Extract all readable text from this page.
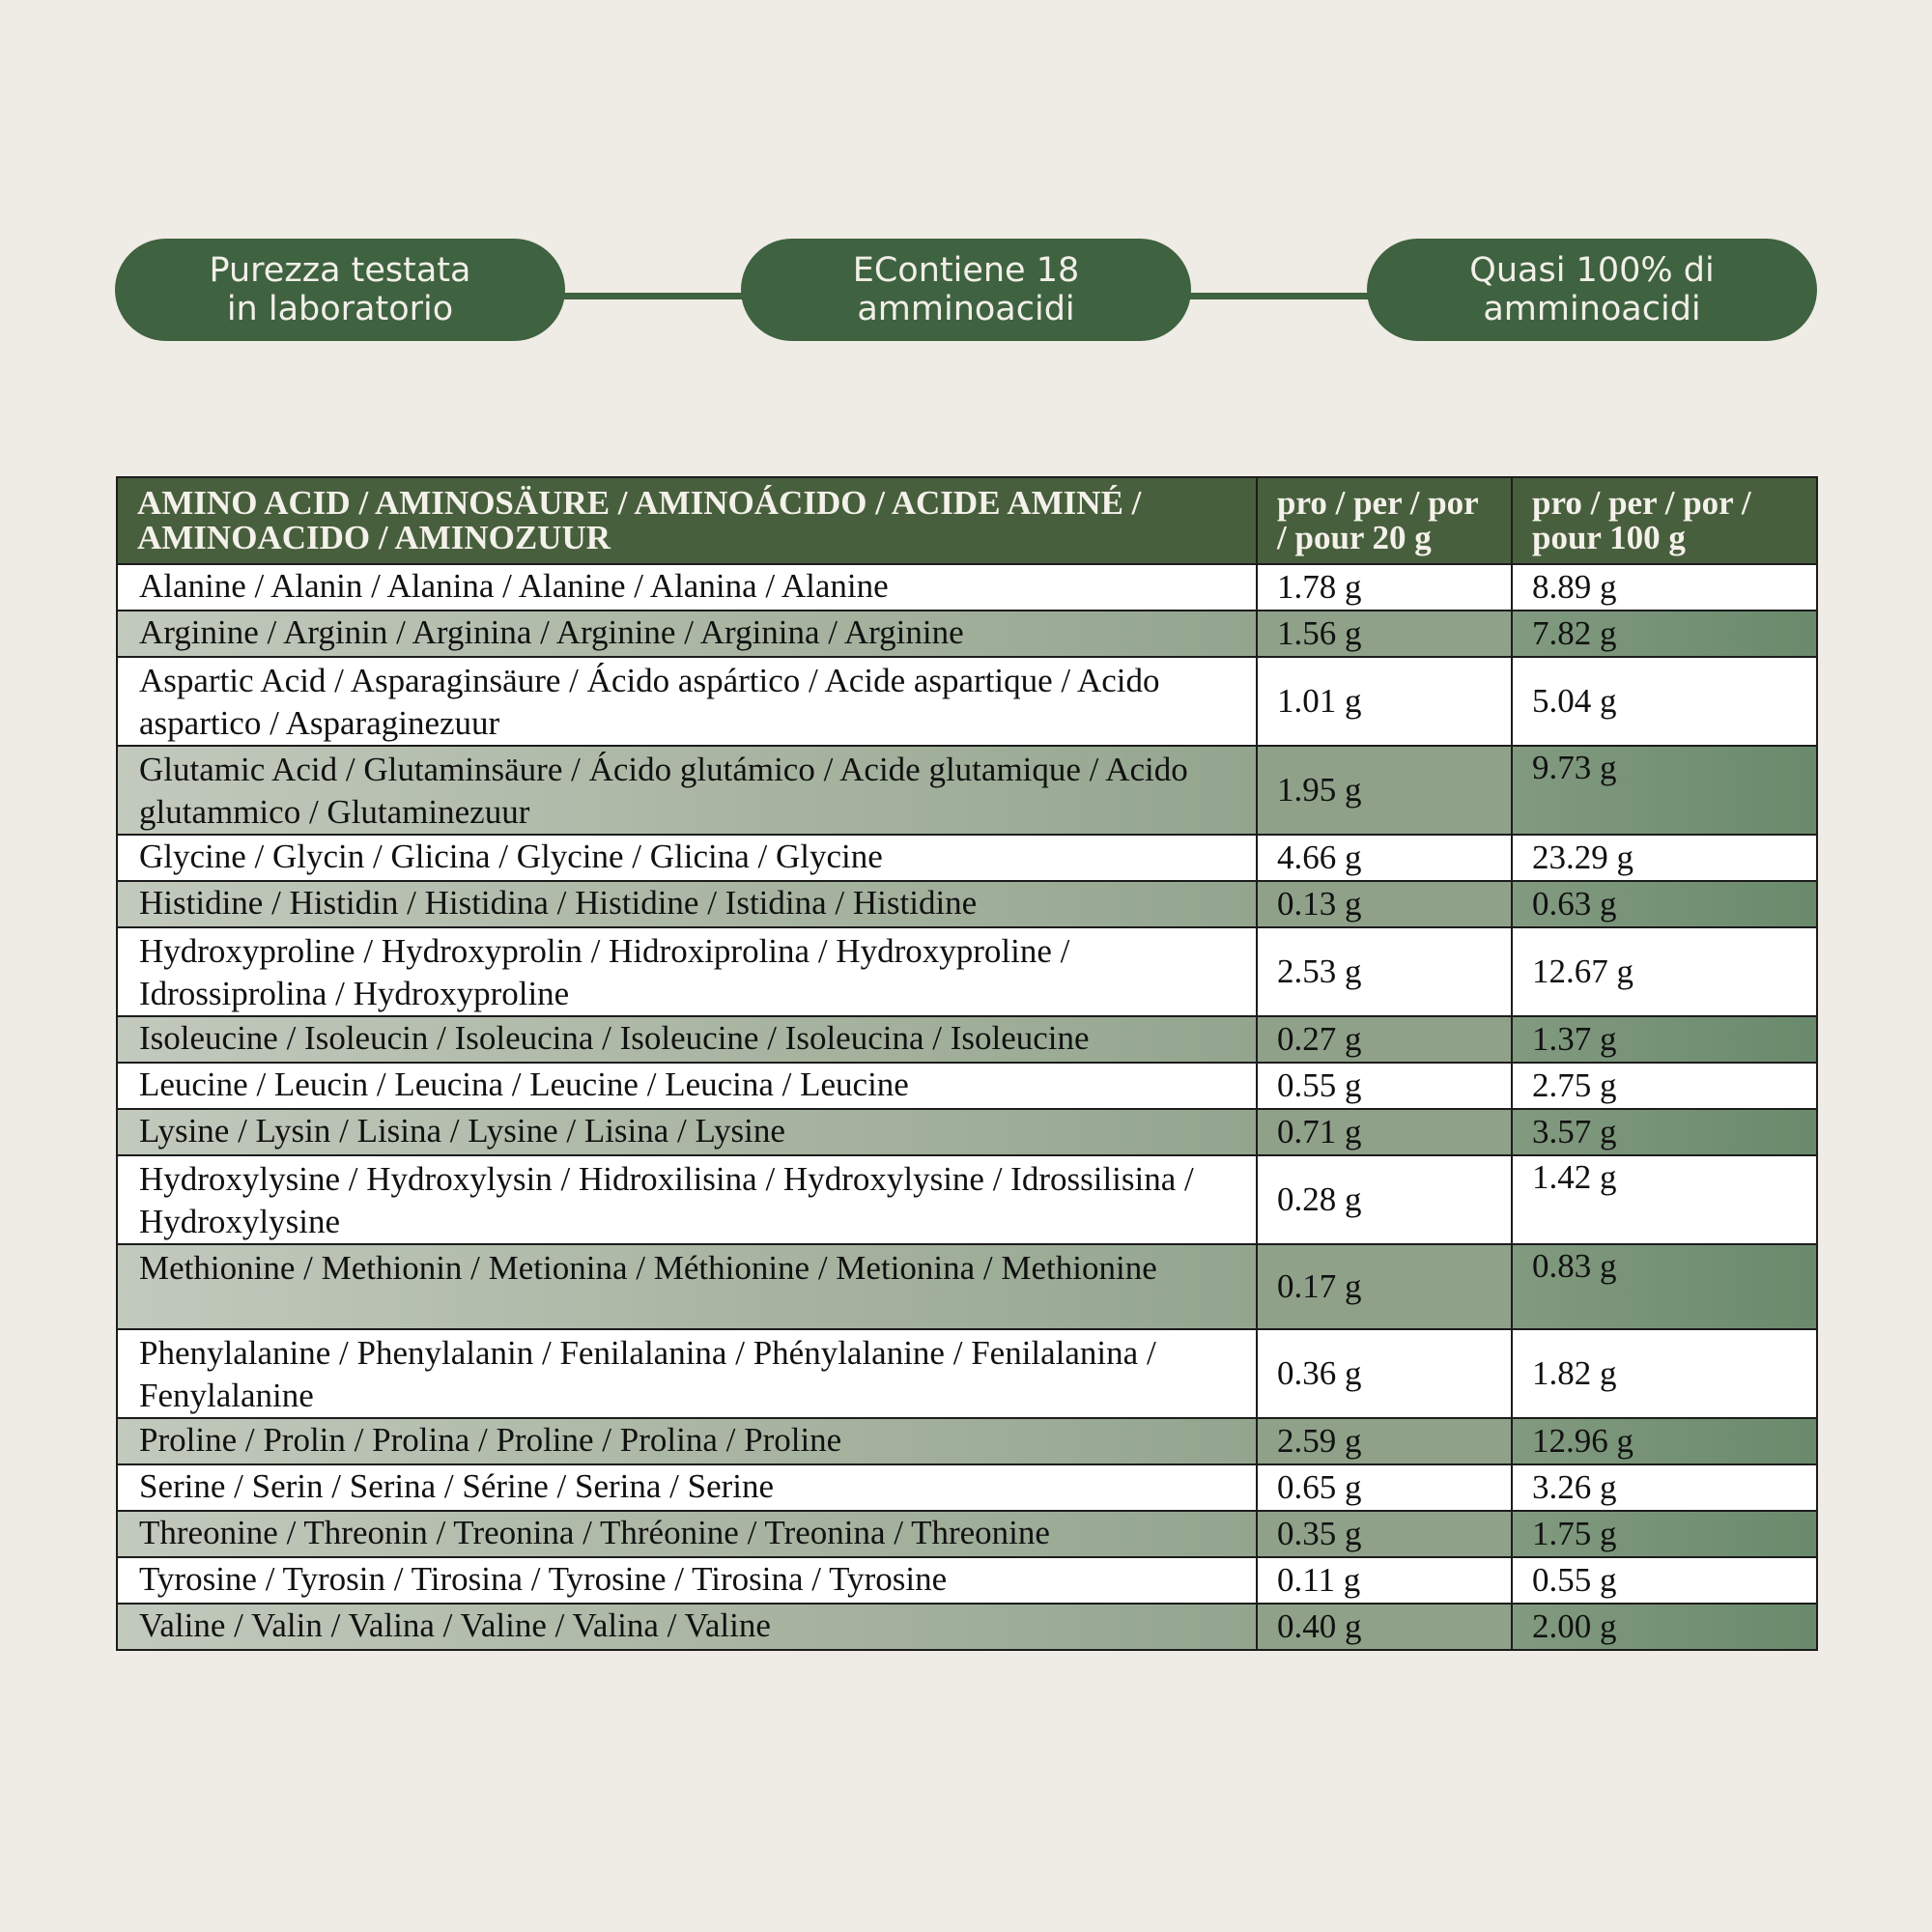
Purezza testata
in laboratorio
EContiene 18
amminoacidi
Quasi 100% di
amminoacidi
AMINO ACID / AMINOSÄURE / AMINOÁCIDO / ACIDE AMINÉ / AMINOACIDO / AMINOZUUR	pro / per / por / pour 20 g	pro / per / por / pour 100 g
Alanine / Alanin / Alanina / Alanine / Alanina / Alanine	1.78 g	8.89 g
Arginine / Arginin / Arginina / Arginine / Arginina / Arginine	1.56 g	7.82 g
Aspartic Acid / Asparaginsäure / Ácido aspártico / Acide aspartique / Acido aspartico / Asparaginezuur	1.01 g	5.04 g
Glutamic Acid / Glutaminsäure / Ácido glutámico / Acide glutamique / Acido glutammico / Glutaminezuur	1.95 g	9.73 g
Glycine / Glycin / Glicina / Glycine / Glicina / Glycine	4.66 g	23.29 g
Histidine / Histidin / Histidina / Histidine / Istidina / Histidine	0.13 g	0.63 g
Hydroxyproline / Hydroxyprolin / Hidroxiprolina / Hydroxyproline / Idrossiprolina / Hydroxyproline	2.53 g	12.67 g
Isoleucine / Isoleucin / Isoleucina / Isoleucine / Isoleucina / Isoleucine	0.27 g	1.37 g
Leucine / Leucin / Leucina / Leucine / Leucina / Leucine	0.55 g	2.75 g
Lysine / Lysin / Lisina / Lysine / Lisina / Lysine	0.71 g	3.57 g
Hydroxylysine / Hydroxylysin / Hidroxilisina / Hydroxylysine / Idrossilisina / Hydroxylysine	0.28 g	1.42 g
Methionine / Methionin / Metionina / Méthionine / Metionina / Methionine	0.17 g	0.83 g
Phenylalanine / Phenylalanin / Fenilalanina / Phénylalanine / Fenilalanina / Fenylalanine	0.36 g	1.82 g
Proline / Prolin / Prolina / Proline / Prolina / Proline	2.59 g	12.96 g
Serine / Serin / Serina / Sérine / Serina / Serine	0.65 g	3.26 g
Threonine / Threonin / Treonina / Thréonine / Treonina / Threonine	0.35 g	1.75 g
Tyrosine / Tyrosin / Tirosina / Tyrosine / Tirosina / Tyrosine	0.11 g	0.55 g
Valine / Valin / Valina / Valine / Valina / Valine	0.40 g	2.00 g
